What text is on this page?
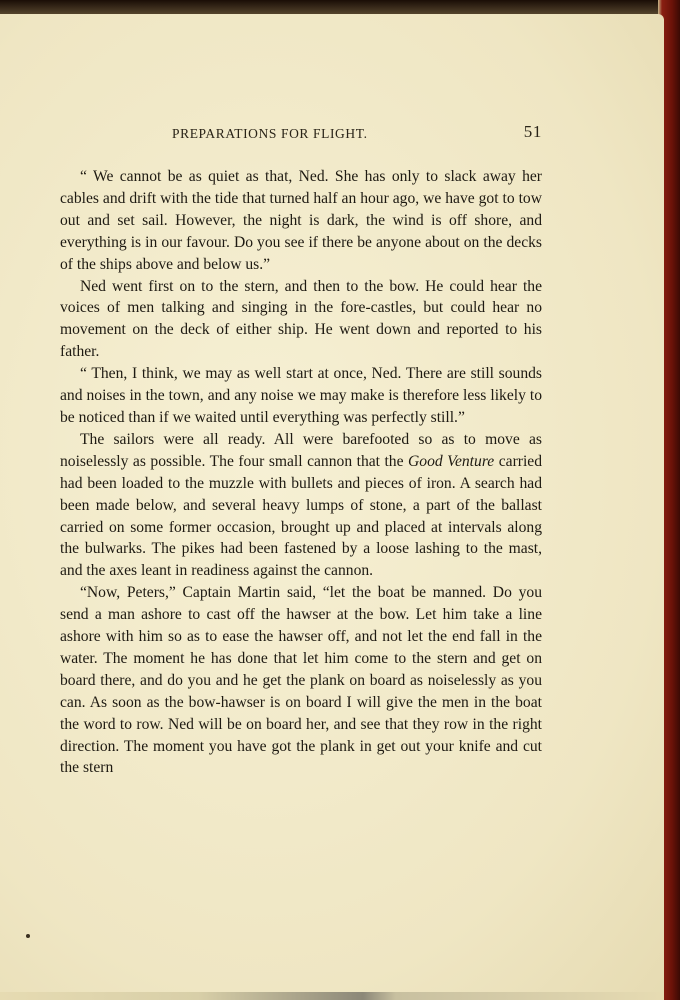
PREPARATIONS FOR FLIGHT.	51

“ We cannot be as quiet as that, Ned. She has only to slack away her cables and drift with the tide that turned half an hour ago, we have got to tow out and set sail. However, the night is dark, the wind is off shore, and everything is in our favour. Do you see if there be anyone about on the decks of the ships above and below us.”

Ned went first on to the stern, and then to the bow. He could hear the voices of men talking and singing in the fore-castles, but could hear no movement on the deck of either ship. He went down and reported to his father.

“ Then, I think, we may as well start at once, Ned. There are still sounds and noises in the town, and any noise we may make is therefore less likely to be noticed than if we waited until everything was perfectly still.”

The sailors were all ready. All were barefooted so as to move as noiselessly as possible. The four small cannon that the Good Venture carried had been loaded to the muzzle with bullets and pieces of iron. A search had been made below, and several heavy lumps of stone, a part of the ballast carried on some former occasion, brought up and placed at intervals along the bulwarks. The pikes had been fastened by a loose lashing to the mast, and the axes leant in readiness against the cannon.

“Now, Peters,” Captain Martin said, “let the boat be manned. Do you send a man ashore to cast off the hawser at the bow. Let him take a line ashore with him so as to ease the hawser off, and not let the end fall in the water. The moment he has done that let him come to the stern and get on board there, and do you and he get the plank on board as noiselessly as you can. As soon as the bow-hawser is on board I will give the men in the boat the word to row. Ned will be on board her, and see that they row in the right direction. The moment you have got the plank in get out your knife and cut the stern
